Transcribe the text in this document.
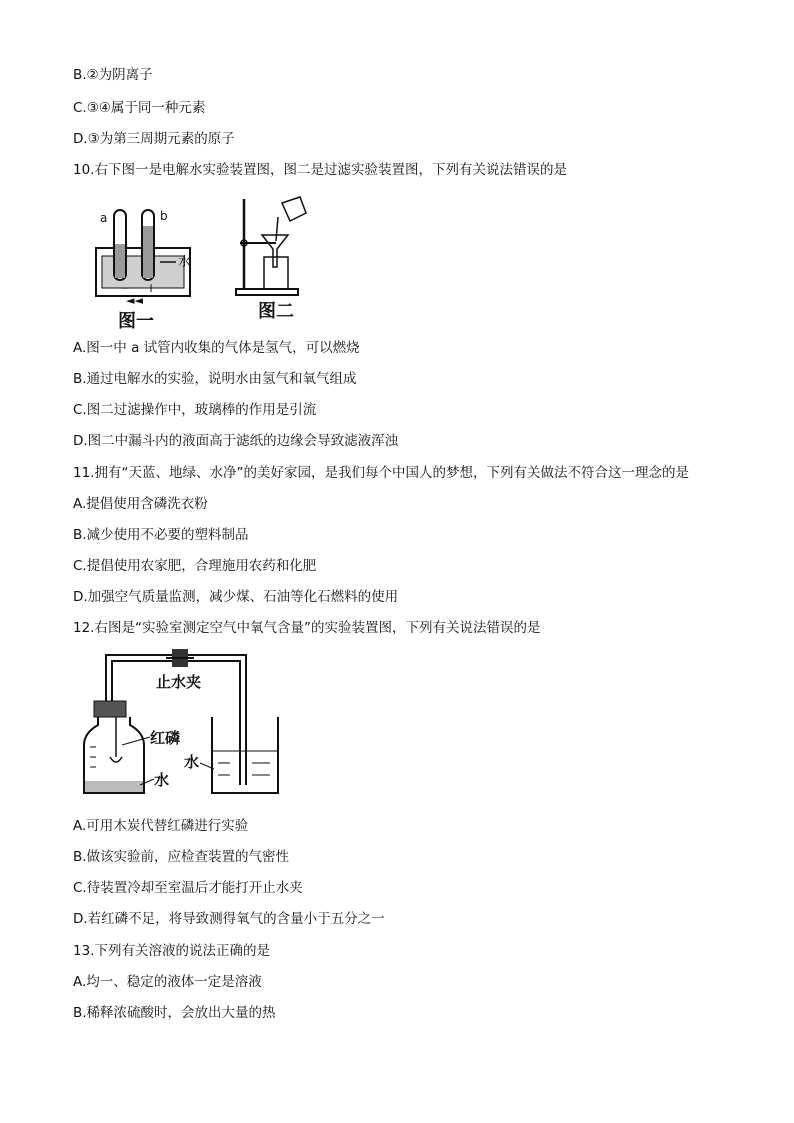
B.②为阴离子
C.③④属于同一种元素
D.③为第三周期元素的原子
10.右下图一是电解水实验装置图，图二是过滤实验装置图，下列有关说法错误的是
a	b
水
− +
◄◄
图一	图二
A.图一中 a 试管内收集的气体是氢气，可以燃烧
B.通过电解水的实验，说明水由氢气和氧气组成
C.图二过滤操作中，玻璃棒的作用是引流
D.图二中漏斗内的液面高于滤纸的边缘会导致滤液浑浊
11.拥有“天蓝、地绿、水净”的美好家园，是我们每个中国人的梦想，下列有关做法不符合这一理念的是
A.提倡使用含磷洗衣粉
B.减少使用不必要的塑料制品
C.提倡使用农家肥，合理施用农药和化肥
D.加强空气质量监测，减少煤、石油等化石燃料的使用
12.右图是“实验室测定空气中氧气含量”的实验装置图，下列有关说法错误的是
止水夹
红磷
水
水
A.可用木炭代替红磷进行实验
B.做该实验前，应检查装置的气密性
C.待装置冷却至室温后才能打开止水夹
D.若红磷不足，将导致测得氧气的含量小于五分之一
13.下列有关溶液的说法正确的是
A.均一、稳定的液体一定是溶液
B.稀释浓硫酸时，会放出大量的热
